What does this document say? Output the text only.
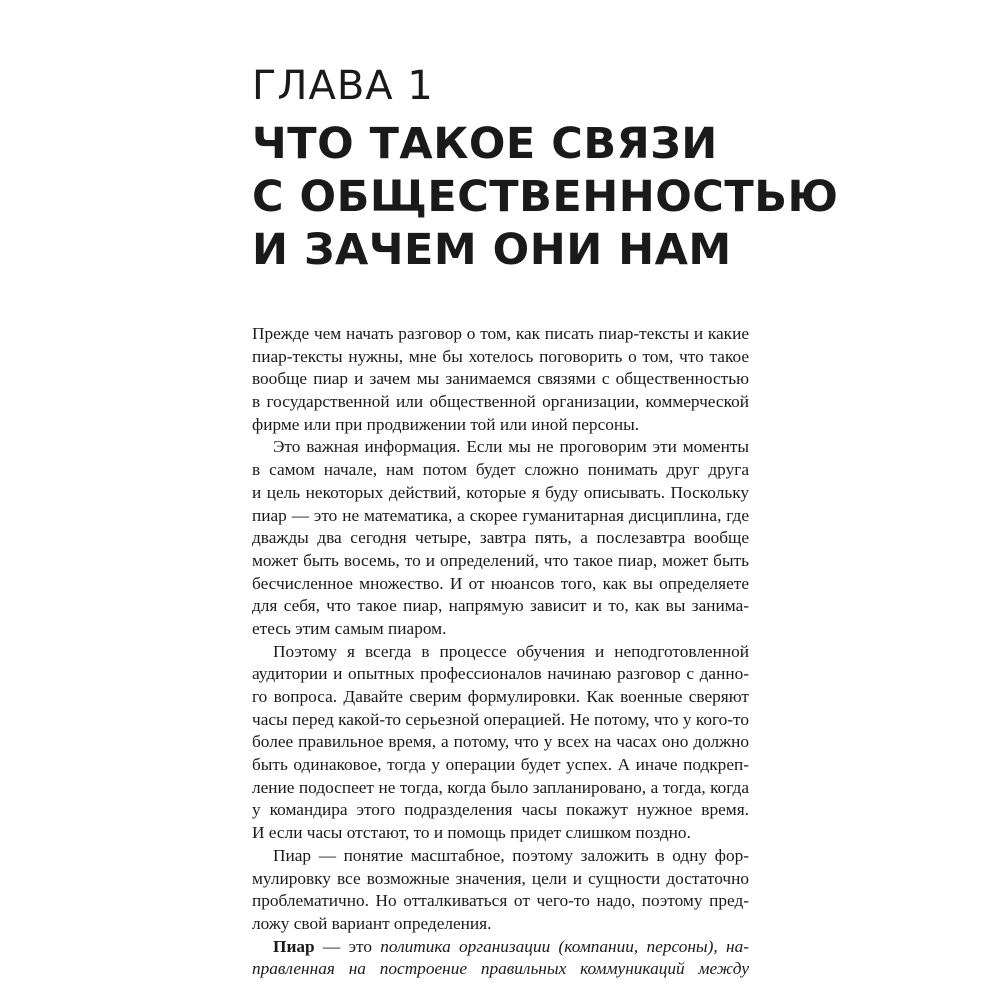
ГЛАВА 1
ЧТО ТАКОЕ СВЯЗИ
С ОБЩЕСТВЕННОСТЬЮ
И ЗАЧЕМ ОНИ НАМ
Прежде чем начать разговор о том, как писать пиар-тексты и какие
пиар-тексты нужны, мне бы хотелось поговорить о том, что такое
вообще пиар и зачем мы занимаемся связями с общественностью
в государственной или общественной организации, коммерческой
фирме или при продвижении той или иной персоны.
Это важная информация. Если мы не проговорим эти моменты
в самом начале, нам потом будет сложно понимать друг друга
и цель некоторых действий, которые я буду описывать. Поскольку
пиар — это не математика, а скорее гуманитарная дисциплина, где
дважды два сегодня четыре, завтра пять, а послезавтра вообще
может быть восемь, то и определений, что такое пиар, может быть
бесчисленное множество. И от нюансов того, как вы определяете
для себя, что такое пиар, напрямую зависит и то, как вы занима-
етесь этим самым пиаром.
Поэтому я всегда в процессе обучения и неподготовленной
аудитории и опытных профессионалов начинаю разговор с данно-
го вопроса. Давайте сверим формулировки. Как военные сверяют
часы перед какой-то серьезной операцией. Не потому, что у кого-то
более правильное время, а потому, что у всех на часах оно должно
быть одинаковое, тогда у операции будет успех. А иначе подкреп-
ление подоспеет не тогда, когда было запланировано, а тогда, когда
у командира этого подразделения часы покажут нужное время.
И если часы отстают, то и помощь придет слишком поздно.
Пиар — понятие масштабное, поэтому заложить в одну фор-
мулировку все возможные значения, цели и сущности достаточно
проблематично. Но отталкиваться от чего-то надо, поэтому пред-
ложу свой вариант определения.
Пиар — это политика организации (компании, персоны), на-
правленная на построение правильных коммуникаций между
